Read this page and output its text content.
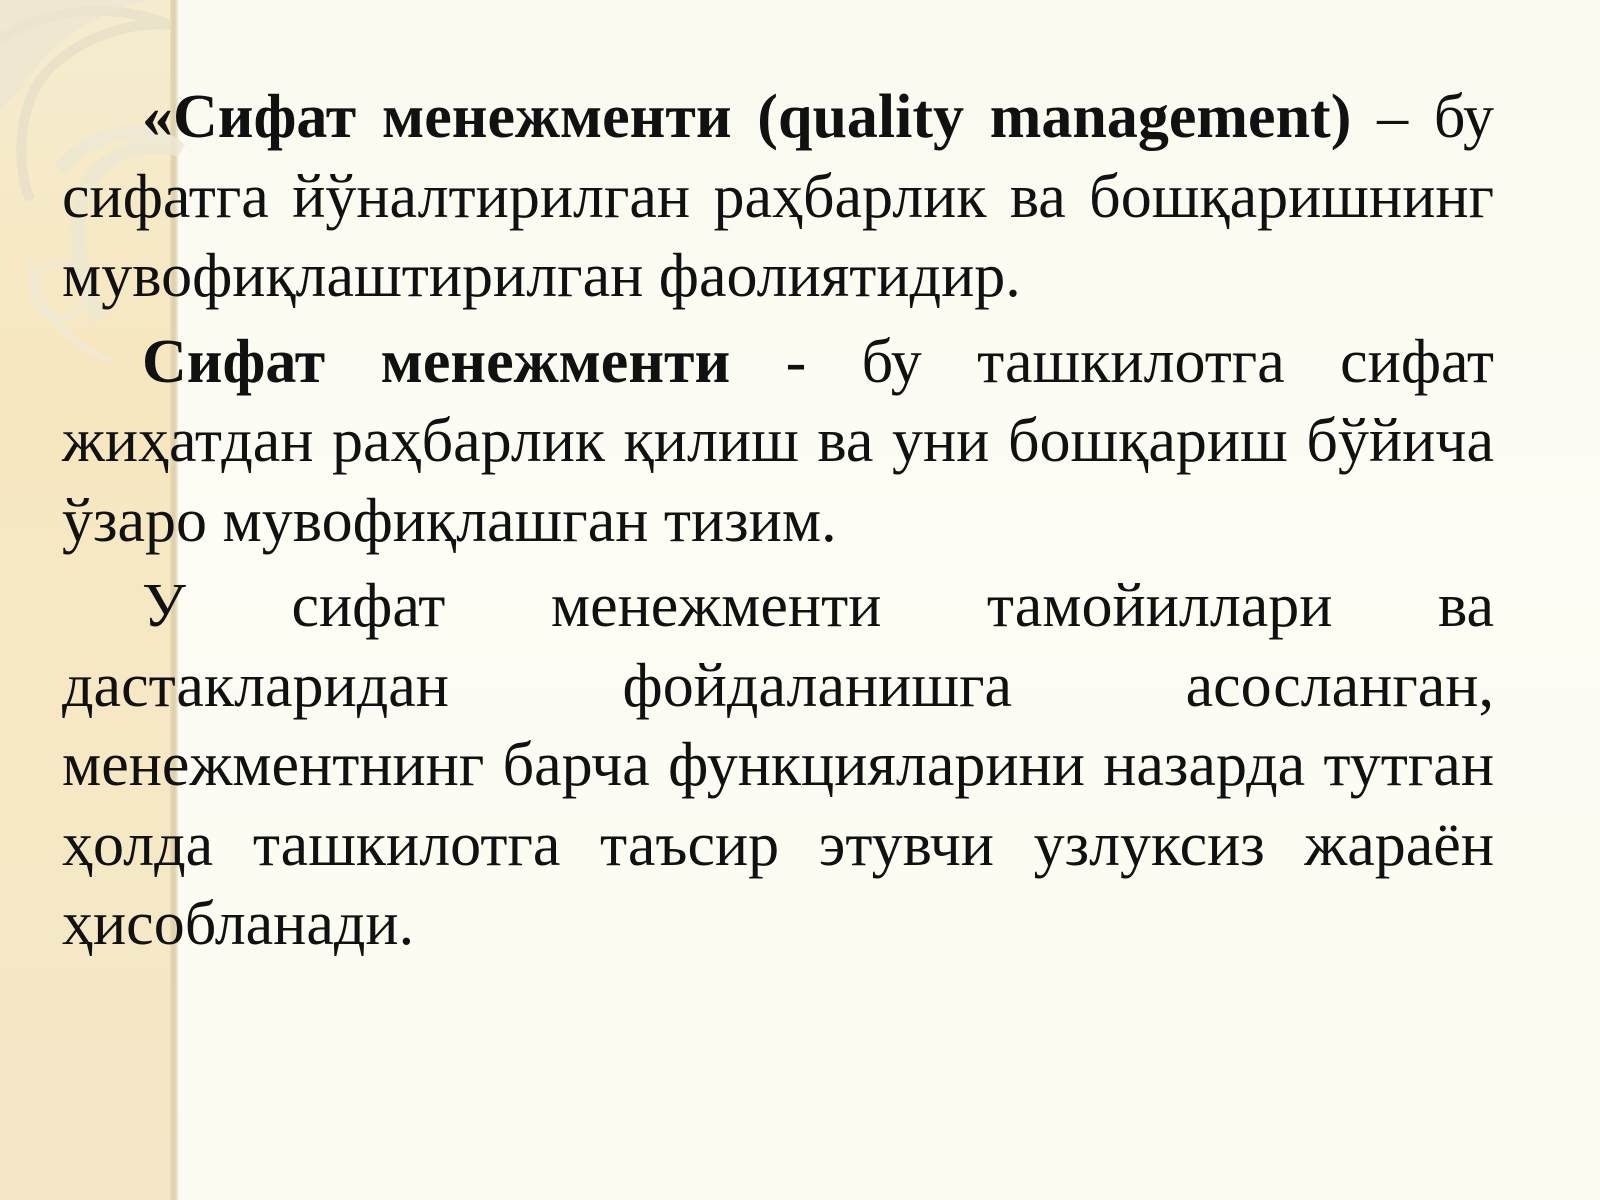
«Сифат менежменти (quality management) – бу сифатга йўналтирилган раҳбарлик ва бошқаришнинг мувофиқлаштирилган фаолиятидир.

Сифат менежменти - бу ташкилотга сифат жиҳатдан раҳбарлик қилиш ва уни бошқариш бўйича ўзаро мувофиқлашган тизим.

У сифат менежменти тамойиллари ва дастакларидан фойдаланишга асосланган, менежментнинг барча функцияларини назарда тутган ҳолда ташкилотга таъсир этувчи узлуксиз жараён ҳисобланади.
